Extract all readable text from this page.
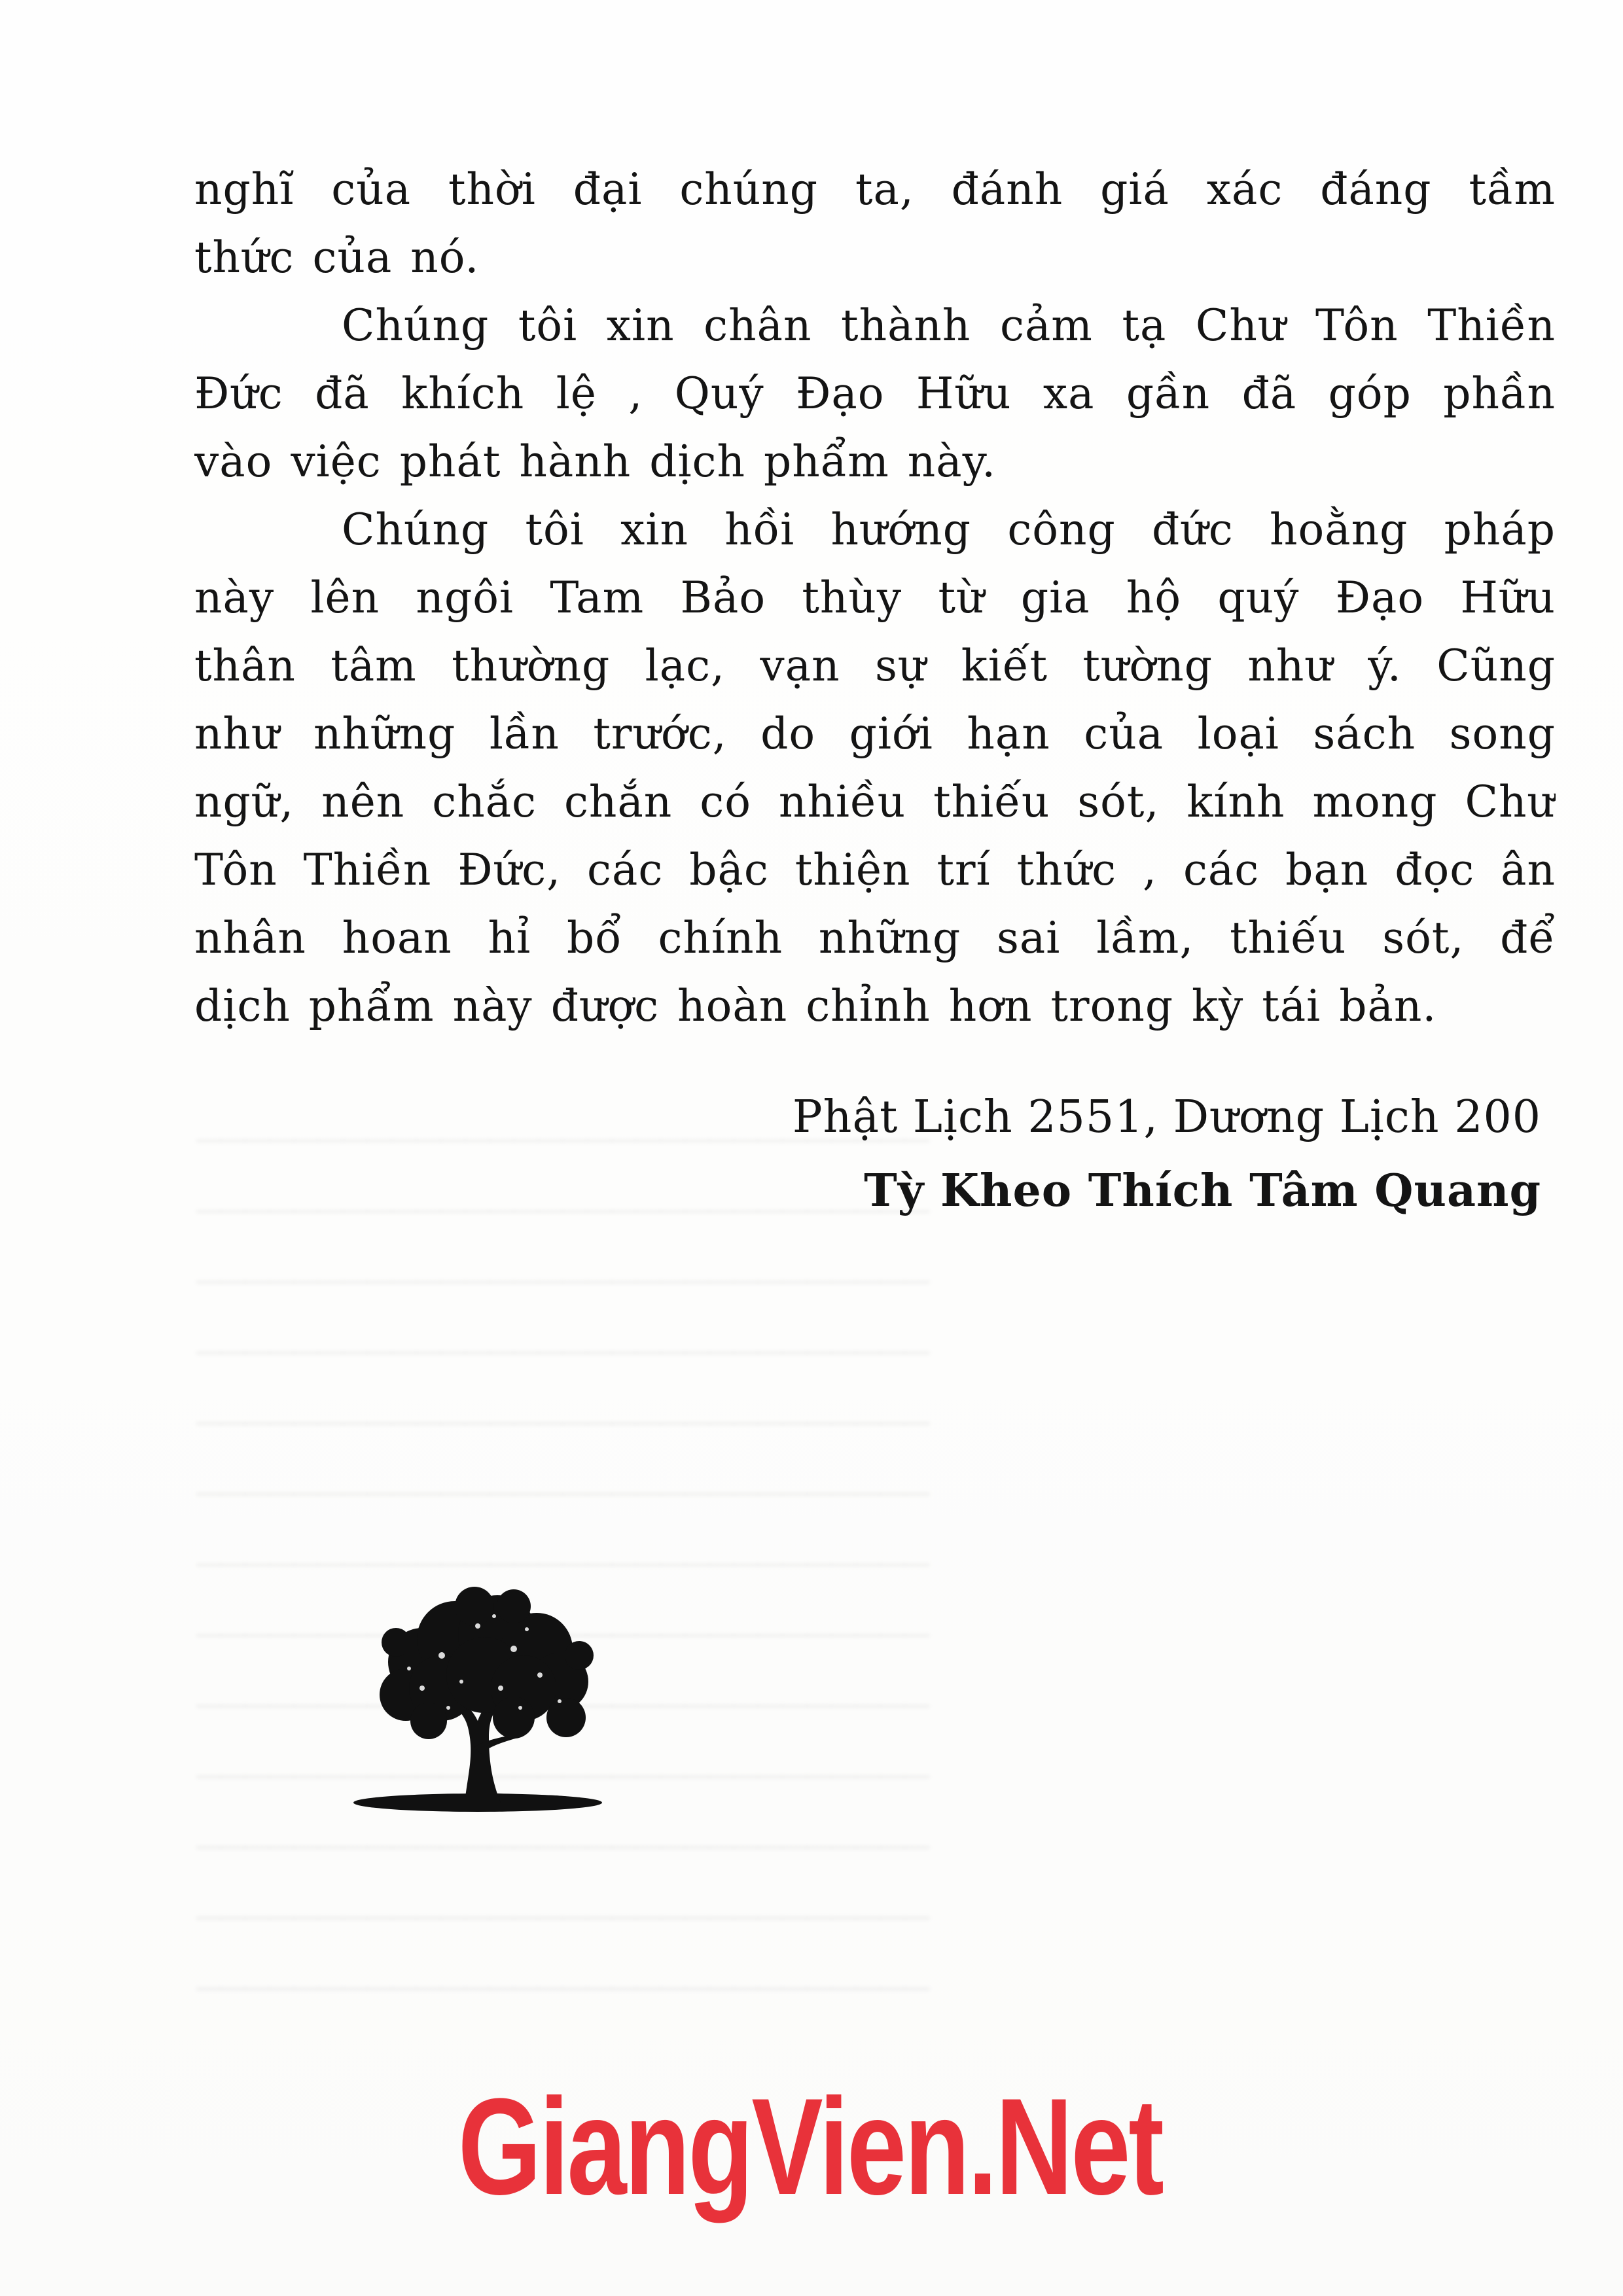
nghĩ của thời đại chúng ta, đánh giá xác đáng tầm
thức của nó.
Chúng tôi xin chân thành cảm tạ Chư Tôn Thiền
Đức đã khích lệ , Quý Đạo Hữu xa gần đã góp phần
vào việc phát hành dịch phẩm này.
Chúng tôi xin hồi hướng công đức hoằng pháp
này lên ngôi Tam Bảo thùy từ gia hộ quý Đạo Hữu
thân tâm thường lạc, vạn sự kiết tường như ý. Cũng
như những lần trước, do giới hạn của loại sách song
ngữ, nên chắc chắn có nhiều thiếu sót, kính mong Chư
Tôn Thiền Đức, các bậc thiện trí thức , các bạn đọc ân
nhân hoan hỉ bổ chính những sai lầm, thiếu sót, để
dịch phẩm này được hoàn chỉnh hơn trong kỳ tái bản.
Phật Lịch 2551, Dương Lịch 200
Tỳ Kheo Thích Tâm Quang
GiangVien.Net
